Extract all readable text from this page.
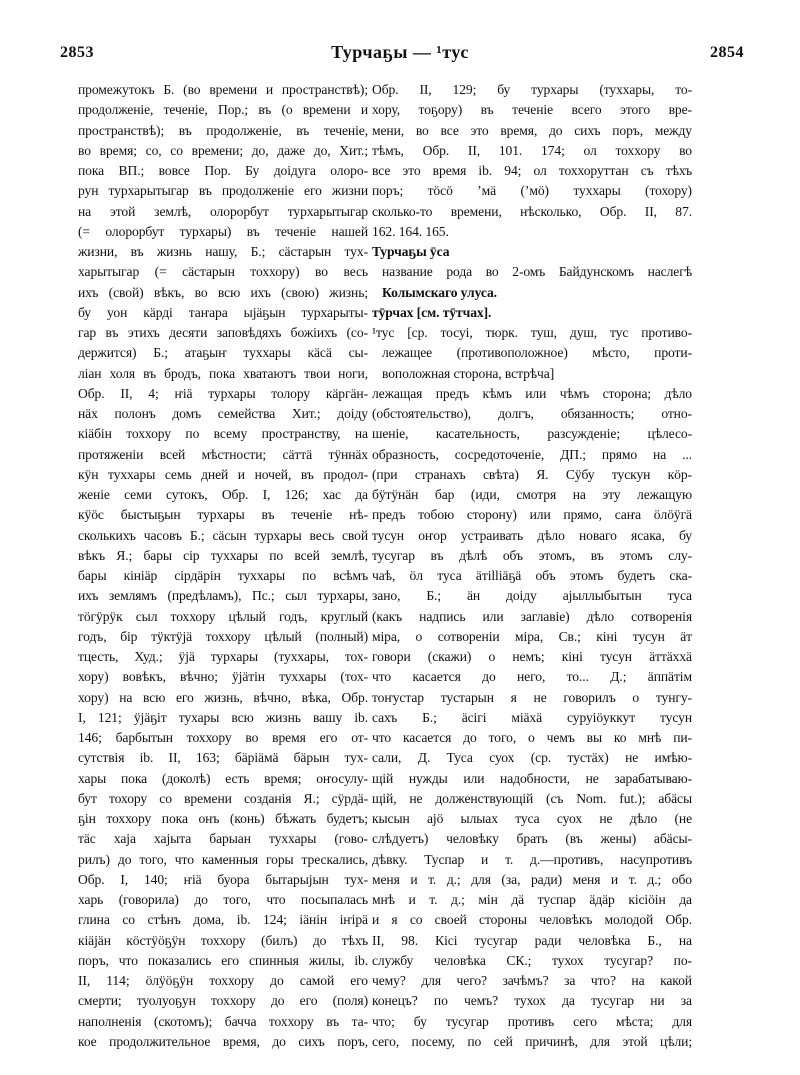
2853	Турчаҕы — ¹тус	2854
промежутокъ Б. (во времени и пространствѣ);
продолженіе, теченіе, Пор.; въ (о времени и
пространствѣ); въ продолженіе, въ теченіе,
во время; со, со времени; до, даже до, Хит.;
пока ВП.; вовсе Пор. Бу доідуга олоро-
рун турхарытыгар въ продолженіе его жизни
на этой землѣ, олорорбут турхарытыгар
(= олорорбут турхары) въ теченіе нашей
жизни, въ жизнь нашу, Б.; сӓстарын тух-
харытыгар (= сӓстарын тоххору) во весь
ихъ (свой) вѣкъ, во всю ихъ (свою) жизнь;
бу уон кӓрді таҥара ыјӓҕын турхарыты-
гар въ этихъ десяти заповѣдяхъ божіихъ (со-
держится) Б.; атаҕыҥ туххары кӓсӓ сы-
ліан холя въ бродъ, пока хватаютъ твои ноги,
Обр. II, 4; ҥіӓ турхары толору кӓргӓн-
нӓх полонъ домъ семейства Хит.; доіду
кіӓбін тоххору по всему пространству, на
протяженіи всей мѣстности; сӓттӓ тӱннӓх
кӱн туххары семь дней и ночей, въ продол-
женіе семи сутокъ, Обр. I, 126; хас да
кӱӧс быстыҕын турхары въ теченіе нѣ-
сколькихъ часовъ Б.; сӓсын турхары весь свой
вѣкъ Я.; бары сір туххары по всей землѣ,
бары кініӓр сірдӓрін туххары по всѣмъ
ихъ землямъ (предѣламъ), Пс.; сыл турхары,
тӧгӱрӱк сыл тоххору цѣлый годъ, круглый
годъ, бір тӱктӱјӓ тоххору цѣлый (полный)
тцесть, Худ.; ӱјӓ турхары (туххары, тох-
хору) вовѣкъ, вѣчно; ӱјӓтін туххары (тох-
хору) на всю его жизнь, вѣчно, вѣка, Обр.
I, 121; ӱјӓҕіт тухары всю жизнь вашу ib.
146; барбытын тоххору во время его от-
сутствія ib. II, 163; бӓріӓмӓ бӓрын тух-
хары пока (доколѣ) есть время; оҥосулу-
бут тохору со времени созданія Я.; сӱрдӓ-
ҕін тоххору пока онъ (конь) бѣжать будетъ;
тӓс хаја хајыта барыан туххары (гово-
рилъ) до того, что каменныя горы трескались,
Обр. I, 140; ҥіӓ буора бытарыјын тух-
харь (говорила) до того, что посыпалась
глина со стѣнъ дома, ib. 124; іӓнін іҥірӓ
кіӓјӓн кӧстӱӧҕӱн тоххору (билъ) до тѣхъ
поръ, что показались его спинныя жилы, ib.
II, 114; ӧлӱӧҕӱн тоххору до самой его
смерти; туолуоҕун тоххору до его (поля)
наполненія (скотомъ); баччa тоххору въ та-
кое продолжительное время, до сихъ поръ,
Обр. II, 129; бу турхары (туххары, то-
хору, тоҕору) въ теченіе всего этого вре-
мени, во все это время, до сихъ поръ, между
тѣмъ, Обр. II, 101. 174; ол тоххору во
все это время ib. 94; ол тоххоруттан съ тѣхъ
поръ; тӧсӧ ʼмӓ (ʼмӧ) туххары (тохору)
сколько-то времени, нѣсколько, Обр. II, 87.
162. 164. 165.
Турчаҕы ӯса
название рода во 2-омъ Байдунскомъ наслегѣ
Колымскаго улуса.
тӯрчах [см. тӯтчах].
¹тус [ср. тосуі, тюрк. туш, душ, тус противо-
лежащее (противоположное) мѣсто, проти-
воположная сторона, встрѣча]
лежащая предъ кѣмъ или чѣмъ сторона; дѣло
(обстоятельство), долгъ, обязанность; отно-
шеніе, касательность, разсужденіе; цѣлесо-
образность, сосредоточеніе, ДП.; прямо на ...
(при странахъ свѣта) Я. Сӱбу тускун кӧр-
бӱтӱнӓн бар (иди, смотря на эту лежащую
предъ тобою сторону) или прямо, саҥа ӧлӧӱгӓ
тусун оҥор устраивать дѣло новаго ясака, бу
тусугар въ дѣлѣ объ этомъ, въ этомъ слу-
чаѣ, ӧл туса ӓтіllіӓҕӓ объ этомъ будетъ ска-
зано, Б.; ӓн доіду ајыллыбытын туса
(какъ надпись или заглавіе) дѣло сотворенія
міра, о сотвореніи міра, Св.; кіні тусун ӓт
говори (скажи) о немъ; кіні тусун ӓттӓххӓ
что касается до него, то... Д.; ӓппӓтім
тоҥустар тустарын я не говорилъ о тунгу-
сахъ Б.; ӓсігі міӓхӓ суруіӧуккут тусун
что касается до того, о чемъ вы ко мнѣ пи-
сали, Д. Туса суох (ср. тустӓх) не имѣю-
щій нужды или надобности, не зарабатываю-
щій, не долженствующій (съ Nom. fut.); абӓсы
кысын ајӧ ылыах туса суох не дѣло (не
слѣдуетъ) человѣку брать (въ жены) абӓсы-
дѣвку. Туспар и т. д.—противъ, насупротивъ
меня и т. д.; для (за, ради) меня и т. д.; обо
мнѣ и т. д.; мін дӓ туспар ӓдӓр кісіӧін да
и я со своей стороны человѣкъ молодой Обр.
II, 98. Кісі тусугар ради человѣка Б., на
службу человѣка СК.; тухох тусугар? по-
чему? для чего? зачѣмъ? за что? на какой
конецъ? по чемъ? тухох да тусугар ни за
что; бу тусугар противъ сего мѣста; для
сего, посему, по сей причинѣ, для этой цѣли;
